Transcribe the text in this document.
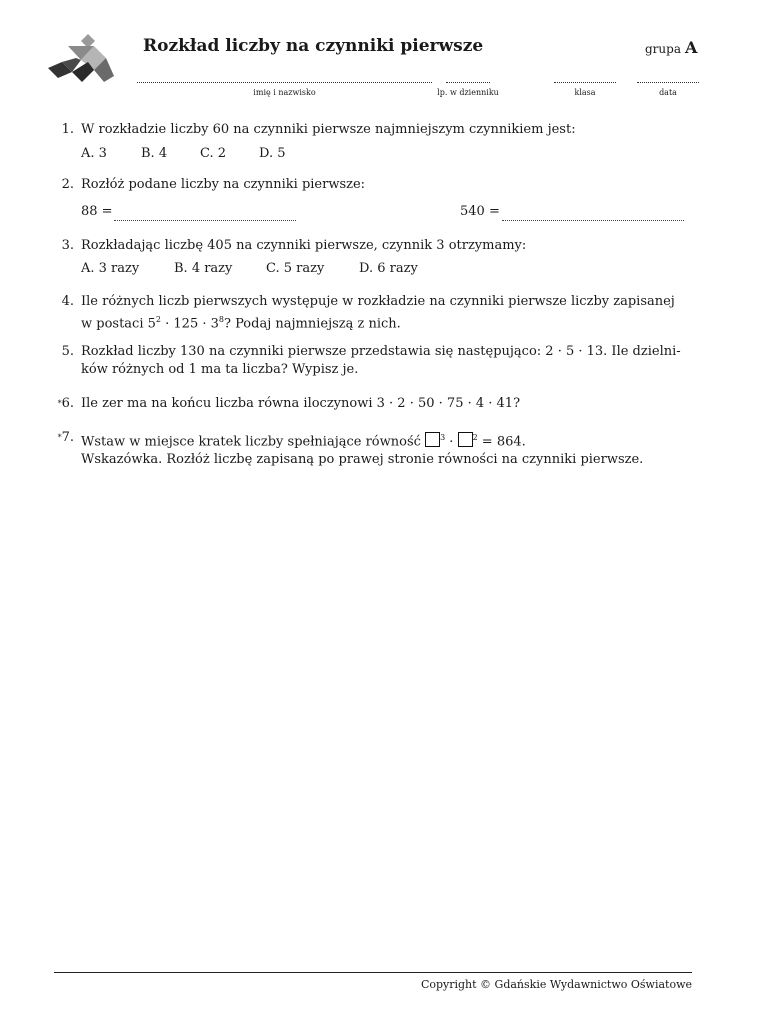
Rozkład liczby na czynniki pierwsze	grupa A
imię i nazwisko	lp. w dzienniku	klasa	data
1. W rozkładzie liczby 60 na czynniki pierwsze najmniejszym czynnikiem jest:
A. 3	B. 4	C. 2	D. 5
2. Rozłóż podane liczby na czynniki pierwsze:
88 =	540 =
3. Rozkładając liczbę 405 na czynniki pierwsze, czynnik 3 otrzymamy:
A. 3 razy	B. 4 razy	C. 5 razy	D. 6 razy
4. Ile różnych liczb pierwszych występuje w rozkładzie na czynniki pierwsze liczby zapisanej
w postaci $5^2 \cdot 125 \cdot 3^8$? Podaj najmniejszą z nich.
5. Rozkład liczby 130 na czynniki pierwsze przedstawia się następująco: 2 · 5 · 13. Ile dzielni-
ków różnych od 1 ma ta liczba? Wypisz je.
*6. Ile zer ma na końcu liczba równa iloczynowi 3 · 2 · 50 · 75 · 4 · 41?
*7. Wstaw w miejsce kratek liczby spełniające równość $^3$ · $^2$ = 864.
Wskazówka. Rozłóż liczbę zapisaną po prawej stronie równości na czynniki pierwsze.
Copyright © Gdańskie Wydawnictwo Oświatowe
